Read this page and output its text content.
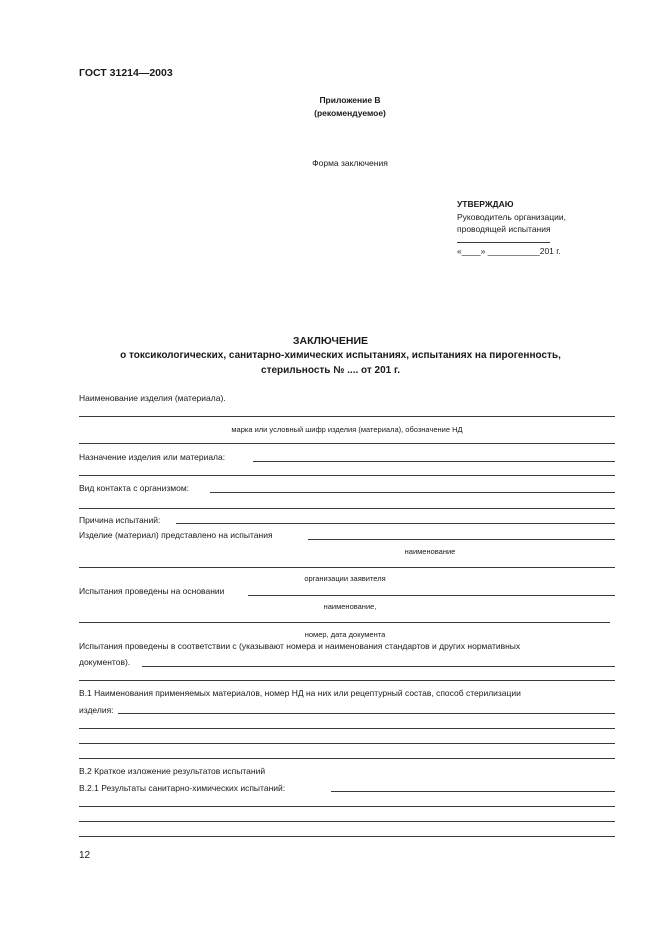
ГОСТ 31214—2003
Приложение В
(рекомендуемое)
Форма заключения
УТВЕРЖДАЮ
Руководитель организации,
проводящей испытания
«____» ___________201 г.
ЗАКЛЮЧЕНИЕ
о токсикологических, санитарно-химических испытаниях, испытаниях на пирогенность,
стерильность № .... от 201 г.
Наименование изделия (материала).
марка или условный шифр изделия (материала), обозначение НД
Назначение изделия или материала:
Вид контакта с организмом:
Причина испытаний:
Изделие (материал) представлено на испытания
наименование
организации заявителя
Испытания проведены на основании
наименование,
номер, дата документа
Испытания проведены в соответствии с (указывают номера и наименования стандартов и других нормативных
документов).
В.1 Наименования применяемых материалов, номер НД на них или рецептурный состав, способ стерилизации
изделия:
В.2 Краткое изложение результатов испытаний
В.2.1 Результаты санитарно-химических испытаний:
12
